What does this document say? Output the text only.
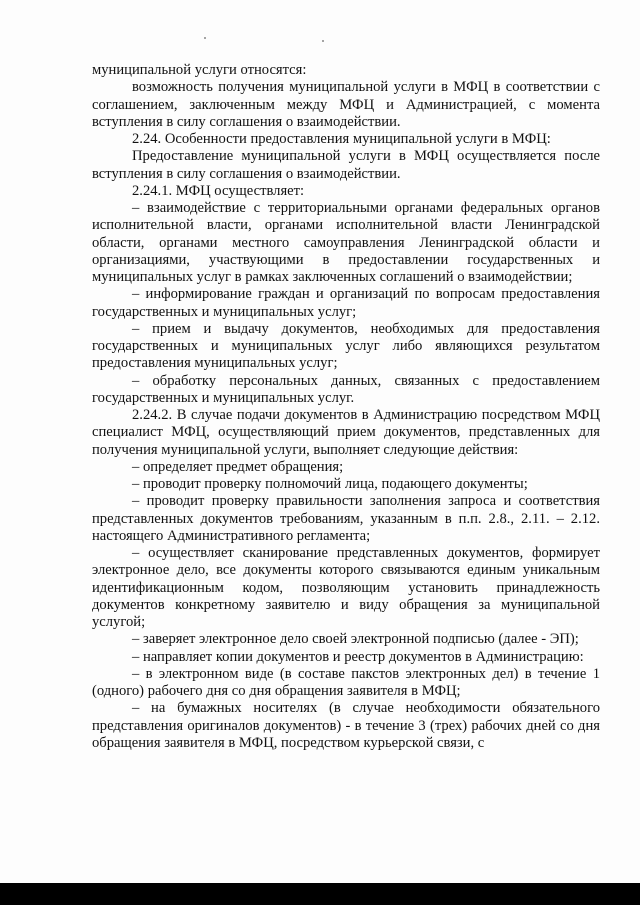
муниципальной услуги относятся:

возможность получения муниципальной услуги в МФЦ в соответствии с соглашением, заключенным между МФЦ и Администрацией, с момента вступления в силу соглашения о взаимодействии.

2.24. Особенности предоставления муниципальной услуги в МФЦ:

Предоставление муниципальной услуги в МФЦ осуществляется после вступления в силу соглашения о взаимодействии.

2.24.1. МФЦ осуществляет:

– взаимодействие с территориальными органами федеральных органов исполнительной власти, органами исполнительной власти Ленинградской области, органами местного самоуправления Ленинградской области и организациями, участвующими в предоставлении государственных и муниципальных услуг в рамках заключенных соглашений о взаимодействии;

– информирование граждан и организаций по вопросам предоставления государственных и муниципальных услуг;

– прием и выдачу документов, необходимых для предоставления государственных и муниципальных услуг либо являющихся результатом предоставления муниципальных услуг;

– обработку персональных данных, связанных с предоставлением государственных и муниципальных услуг.

2.24.2. В случае подачи документов в Администрацию посредством МФЦ специалист МФЦ, осуществляющий прием документов, представленных для получения муниципальной услуги, выполняет следующие действия:

– определяет предмет обращения;

– проводит проверку полномочий лица, подающего документы;

– проводит проверку правильности заполнения запроса и соответствия представленных документов требованиям, указанным в п.п. 2.8., 2.11. – 2.12. настоящего Административного регламента;

– осуществляет сканирование представленных документов, формирует электронное дело, все документы которого связываются единым уникальным идентификационным кодом, позволяющим установить принадлежность документов конкретному заявителю и виду обращения за муниципальной услугой;

– заверяет электронное дело своей электронной подписью (далее - ЭП);

– направляет копии документов и реестр документов в Администрацию:

– в электронном виде (в составе пакстов электронных дел) в течение 1 (одного) рабочего дня со дня обращения заявителя в МФЦ;

– на бумажных носителях (в случае необходимости обязательного представления оригиналов документов) - в течение 3 (трех) рабочих дней со дня обращения заявителя в МФЦ, посредством курьерской связи, с
